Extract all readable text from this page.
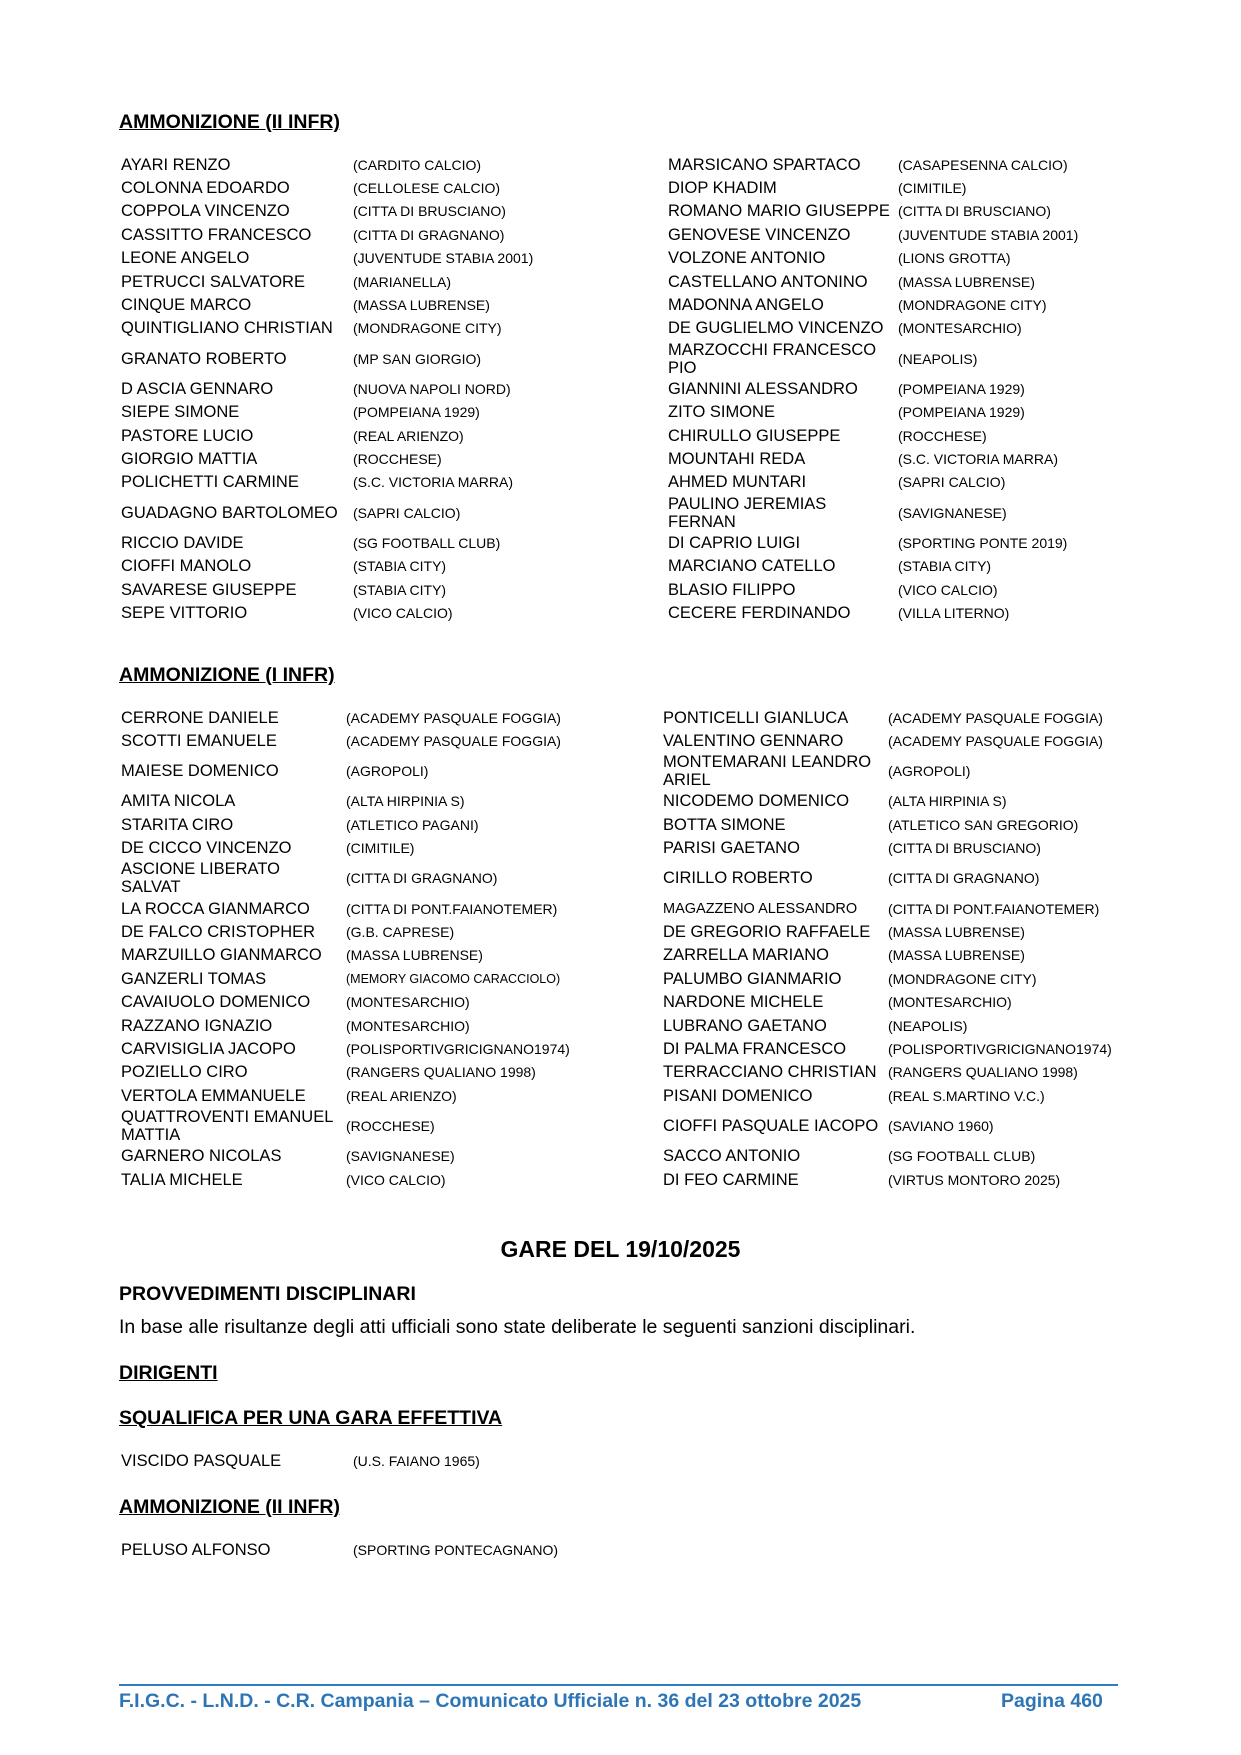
AMMONIZIONE (II INFR)
AYARI RENZO	(CARDITO CALCIO)	MARSICANO SPARTACO	(CASAPESENNA CALCIO)
COLONNA EDOARDO	(CELLOLESE CALCIO)	DIOP KHADIM	(CIMITILE)
COPPOLA VINCENZO	(CITTA DI BRUSCIANO)	ROMANO MARIO GIUSEPPE	(CITTA DI BRUSCIANO)
CASSITTO FRANCESCO	(CITTA DI GRAGNANO)	GENOVESE VINCENZO	(JUVENTUDE STABIA 2001)
LEONE ANGELO	(JUVENTUDE STABIA 2001)	VOLZONE ANTONIO	(LIONS GROTTA)
PETRUCCI SALVATORE	(MARIANELLA)	CASTELLANO ANTONINO	(MASSA LUBRENSE)
CINQUE MARCO	(MASSA LUBRENSE)	MADONNA ANGELO	(MONDRAGONE CITY)
QUINTIGLIANO CHRISTIAN	(MONDRAGONE CITY)	DE GUGLIELMO VINCENZO	(MONTESARCHIO)
GRANATO ROBERTO	(MP SAN GIORGIO)	MARZOCCHI FRANCESCO PIO	(NEAPOLIS)
D ASCIA GENNARO	(NUOVA NAPOLI NORD)	GIANNINI ALESSANDRO	(POMPEIANA 1929)
SIEPE SIMONE	(POMPEIANA 1929)	ZITO SIMONE	(POMPEIANA 1929)
PASTORE LUCIO	(REAL ARIENZO)	CHIRULLO GIUSEPPE	(ROCCHESE)
GIORGIO MATTIA	(ROCCHESE)	MOUNTAHI REDA	(S.C. VICTORIA MARRA)
POLICHETTI CARMINE	(S.C. VICTORIA MARRA)	AHMED MUNTARI	(SAPRI CALCIO)
GUADAGNO BARTOLOMEO	(SAPRI CALCIO)	PAULINO JEREMIAS FERNAN	(SAVIGNANESE)
RICCIO DAVIDE	(SG FOOTBALL CLUB)	DI CAPRIO LUIGI	(SPORTING PONTE 2019)
CIOFFI MANOLO	(STABIA CITY)	MARCIANO CATELLO	(STABIA CITY)
SAVARESE GIUSEPPE	(STABIA CITY)	BLASIO FILIPPO	(VICO CALCIO)
SEPE VITTORIO	(VICO CALCIO)	CECERE FERDINANDO	(VILLA LITERNO)
AMMONIZIONE (I INFR)
CERRONE DANIELE	(ACADEMY PASQUALE FOGGIA)	PONTICELLI GIANLUCA	(ACADEMY PASQUALE FOGGIA)
SCOTTI EMANUELE	(ACADEMY PASQUALE FOGGIA)	VALENTINO GENNARO	(ACADEMY PASQUALE FOGGIA)
MAIESE DOMENICO	(AGROPOLI)	MONTEMARANI LEANDRO ARIEL	(AGROPOLI)
AMITA NICOLA	(ALTA HIRPINIA S)	NICODEMO DOMENICO	(ALTA HIRPINIA S)
STARITA CIRO	(ATLETICO PAGANI)	BOTTA SIMONE	(ATLETICO SAN GREGORIO)
DE CICCO VINCENZO	(CIMITILE)	PARISI GAETANO	(CITTA DI BRUSCIANO)
ASCIONE LIBERATO SALVAT	(CITTA DI GRAGNANO)	CIRILLO ROBERTO	(CITTA DI GRAGNANO)
LA ROCCA GIANMARCO	(CITTA DI PONT.FAIANOTEMER)	MAGAZZENO ALESSANDRO	(CITTA DI PONT.FAIANOTEMER)
DE FALCO CRISTOPHER	(G.B. CAPRESE)	DE GREGORIO RAFFAELE	(MASSA LUBRENSE)
MARZUILLO GIANMARCO	(MASSA LUBRENSE)	ZARRELLA MARIANO	(MASSA LUBRENSE)
GANZERLI TOMAS	(MEMORY GIACOMO CARACCIOLO)	PALUMBO GIANMARIO	(MONDRAGONE CITY)
CAVAIUOLO DOMENICO	(MONTESARCHIO)	NARDONE MICHELE	(MONTESARCHIO)
RAZZANO IGNAZIO	(MONTESARCHIO)	LUBRANO GAETANO	(NEAPOLIS)
CARVISIGLIA JACOPO	(POLISPORTIVGRICIGNANO1974)	DI PALMA FRANCESCO	(POLISPORTIVGRICIGNANO1974)
POZIELLO CIRO	(RANGERS QUALIANO 1998)	TERRACCIANO CHRISTIAN	(RANGERS QUALIANO 1998)
VERTOLA EMMANUELE	(REAL ARIENZO)	PISANI DOMENICO	(REAL S.MARTINO V.C.)
QUATTROVENTI EMANUEL MATTIA	(ROCCHESE)	CIOFFI PASQUALE IACOPO	(SAVIANO 1960)
GARNERO NICOLAS	(SAVIGNANESE)	SACCO ANTONIO	(SG FOOTBALL CLUB)
TALIA MICHELE	(VICO CALCIO)	DI FEO CARMINE	(VIRTUS MONTORO 2025)
GARE DEL 19/10/2025
PROVVEDIMENTI DISCIPLINARI
In base alle risultanze degli atti ufficiali sono state deliberate le seguenti sanzioni disciplinari.
DIRIGENTI
SQUALIFICA PER UNA GARA EFFETTIVA
VISCIDO PASQUALE	(U.S. FAIANO 1965)
AMMONIZIONE (II INFR)
PELUSO ALFONSO	(SPORTING PONTECAGNANO)
F.I.G.C. - L.N.D. - C.R. Campania – Comunicato Ufficiale n. 36 del 23 ottobre 2025	Pagina 460
